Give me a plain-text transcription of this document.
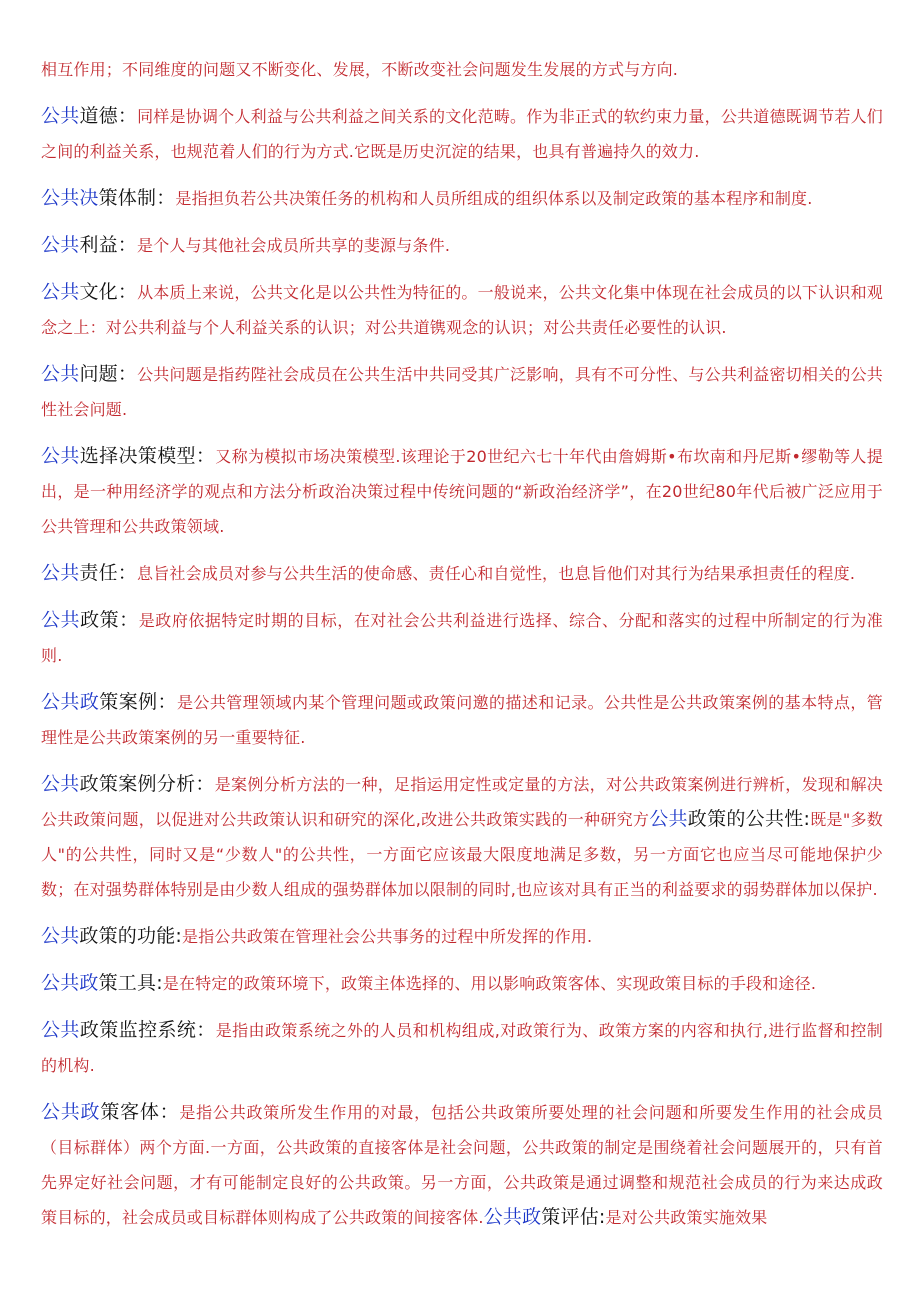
相互作用；不同维度的问题又不断变化、发展，不断改变社会问题发生发展的方式与方向.

公共道德：同样是协调个人利益与公共利益之间关系的文化范畴。作为非正式的软约束力量，公共道德既调节若人们之间的利益关系，也规范着人们的行为方式.它既是历史沉淀的结果，也具有普遍持久的效力.

公共决策体制：是指担负若公共决策任务的机构和人员所组成的组织体系以及制定政策的基本程序和制度.

公共利益：是个人与其他社会成员所共享的斐源与条件.

公共文化：从本质上来说，公共文化是以公共性为特征的。一般说来，公共文化集中体现在社会成员的以下认识和观念之上：对公共利益与个人利益关系的认识；对公共道镌观念的认识；对公共责任必要性的认识.

公共问题：公共问题是指药陛社会成员在公共生活中共同受其广泛影响，具有不可分性、与公共利益密切相关的公共性社会问题.

公共选择决策模型：又称为模拟市场决策模型.该理论于20世纪六七十年代由詹姆斯•布坎南和丹尼斯•缪勒等人提出，是一种用经济学的观点和方法分析政治决策过程中传统问题的“新政治经济学”，在20世纪80年代后被广泛应用于公共管理和公共政策领域.

公共责任：息旨社会成员对参与公共生活的使命感、责任心和自觉性，也息旨他们对其行为结果承担责任的程度.

公共政策：是政府依据特定时期的目标，在对社会公共利益进行选择、综合、分配和落实的过程中所制定的行为准则.

公共政策案例：是公共管理领域内某个管理问题或政策问邀的描述和记录。公共性是公共政策案例的基本特点，管理性是公共政策案例的另一重要特征.

公共政策案例分析：是案例分析方法的一种，足指运用定性或定量的方法，对公共政策案例进行辨析，发现和解决公共政策问题，以促进对公共政策认识和研究的深化,改进公共政策实践的一种研究方公共政策的公共性:既是"多数人"的公共性，同时又是“少数人"的公共性，一方面它应该最大限度地满足多数，另一方面它也应当尽可能地保护少数；在对强势群体特别是由少数人组成的强势群体加以限制的同时,也应该对具有正当的利益要求的弱势群体加以保护.

公共政策的功能:是指公共政策在管理社会公共事务的过程中所发挥的作用.

公共政策工具:是在特定的政策环境下，政策主体选择的、用以影响政策客体、实现政策目标的手段和途径.

公共政策监控系统：是指由政策系统之外的人员和机构组成,对政策行为、政策方案的内容和执行,进行监督和控制的机构.

公共政策客体：是指公共政策所发生作用的对最，包括公共政策所要处理的社会问题和所要发生作用的社会成员（目标群体）两个方面.一方面，公共政策的直接客体是社会问题，公共政策的制定是围绕着社会问题展开的，只有首先界定好社会问题，才有可能制定良好的公共政策。另一方面，公共政策是通过调整和规范社会成员的行为来达成政策目标的，社会成员或目标群体则构成了公共政策的间接客体.公共政策评估:是对公共政策实施效果
